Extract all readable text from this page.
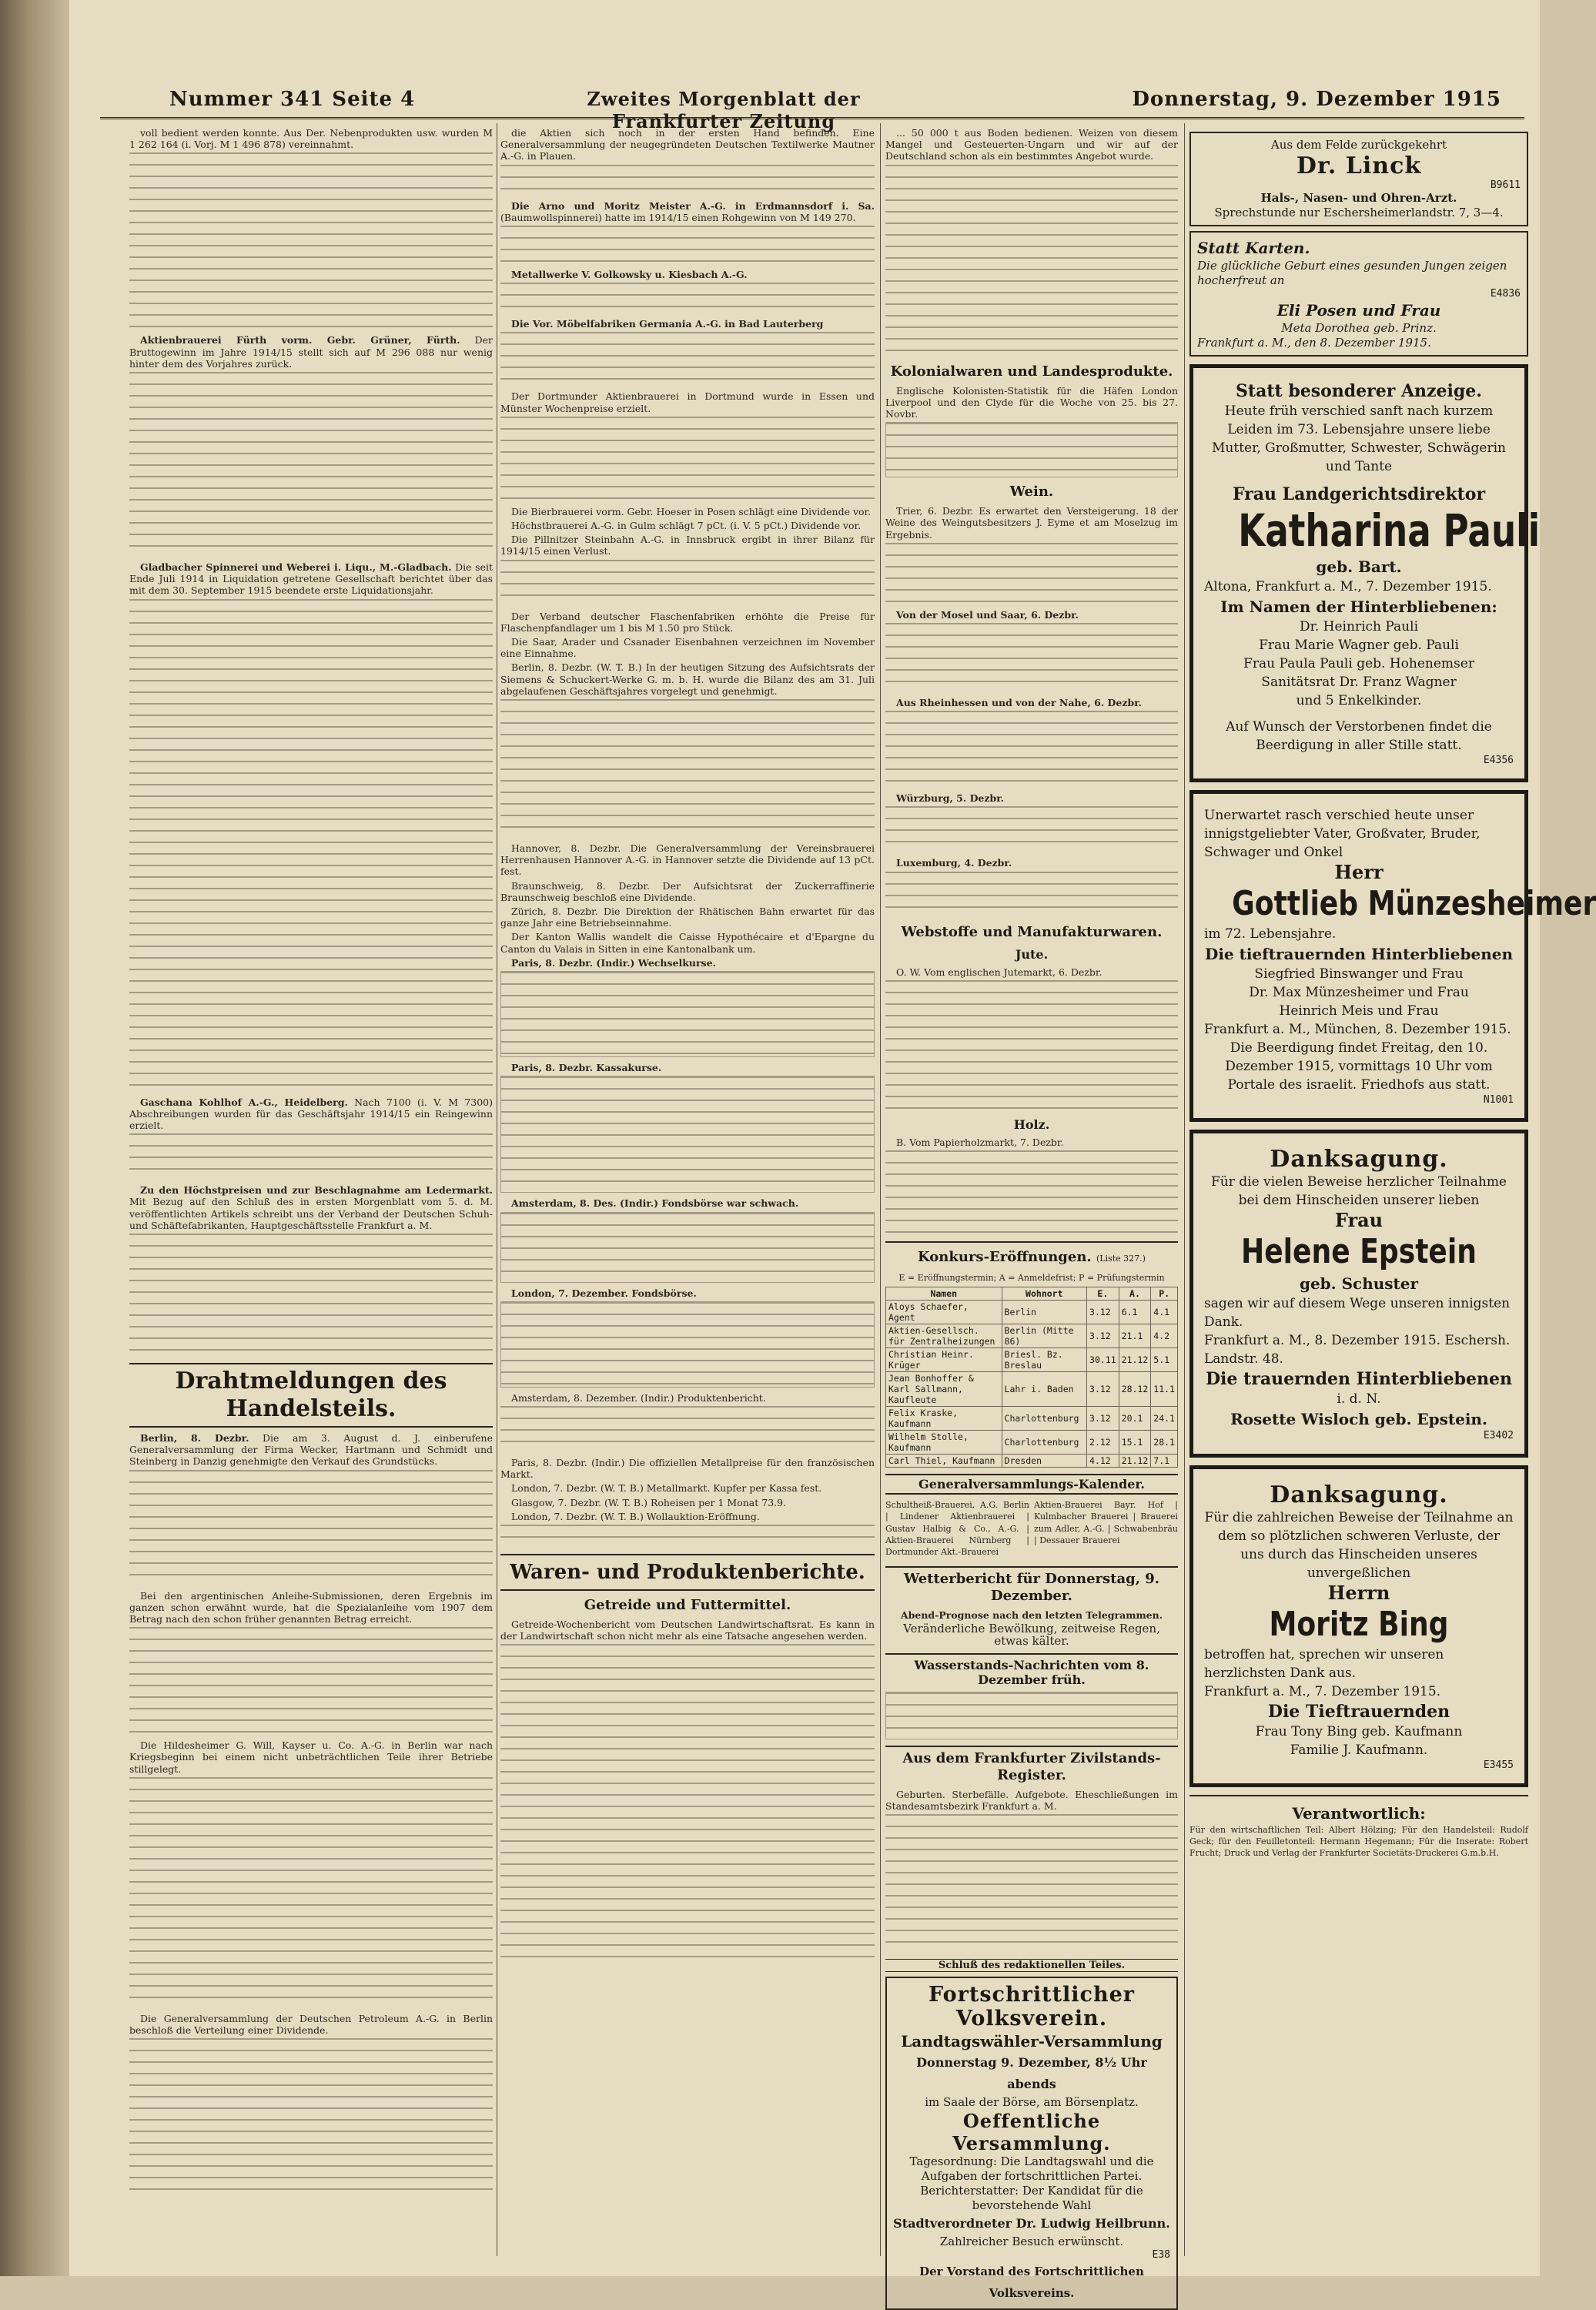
Nummer 341 Seite 4	Zweites Morgenblatt der Frankfurter Zeitung
Donnerstag, 9. Dezember 1915

voll bedient werden konnte. Aus Der. Nebenprodukten usw. wurden M 1 262 164 (i. Vorj. M 1 496 878) vereinnahmt.

Aktienbrauerei Fürth vorm. Gebr. Grüner, Fürth. Der Bruttogewinn im Jahre 1914/15 stellt sich auf M 296 088 nur wenig hinter dem des Vorjahres zurück.

Gladbacher Spinnerei und Weberei i. Liqu., M.-Gladbach. Die seit Ende Juli 1914 in Liquidation getretene Gesellschaft berichtet über das mit dem 30. September 1915 beendete erste Liquidationsjahr.

Gaschana Kohlhof A.-G., Heidelberg. Nach 7100 (i. V. M 7300) Abschreibungen wurden für das Geschäftsjahr 1914/15 ein Reingewinn erzielt.

Zu den Höchstpreisen und zur Beschlagnahme am Ledermarkt. Mit Bezug auf den Schluß des in ersten Morgenblatt vom 5. d. M. veröffentlichten Artikels schreibt uns der Verband der Deutschen Schuh- und Schäftefabrikanten, Hauptgeschäftsstelle Frankfurt a. M.

Drahtmeldungen des Handelsteils.

Berlin, 8. Dezbr. Die am 3. August d. J. einberufene Generalversammlung der Firma Wecker, Hartmann und Schmidt und Steinberg in Danzig genehmigte den Verkauf des Grundstücks.

Bei den argentinischen Anleihe-Submissionen, deren Ergebnis im ganzen schon erwähnt wurde, hat die Spezialanleihe vom 1907 dem Betrag nach den schon früher genannten Betrag erreicht.

Die Hildesheimer G. Will, Kayser u. Co. A.-G. in Berlin war nach Kriegsbeginn bei einem nicht unbeträchtlichen Teile ihrer Betriebe stillgelegt.

Die Generalversammlung der Deutschen Petroleum A.-G. in Berlin beschloß die Verteilung einer Dividende.

die Aktien sich noch in der ersten Hand befinden. Eine Generalversammlung der neugegründeten Deutschen Textilwerke Mautner A.-G. in Plauen.

Die Arno und Moritz Meister A.-G. in Erdmannsdorf i. Sa. (Baumwollspinnerei) hatte im 1914/15 einen Rohgewinn von M 149 270.

Metallwerke V. Golkowsky u. Kiesbach A.-G.

Die Vor. Möbelfabriken Germania A.-G. in Bad Lauterberg

Der Dortmunder Aktienbrauerei in Dortmund wurde in Essen und Münster Wochenpreise erzielt.

Die Bierbrauerei vorm. Gebr. Hoeser in Posen schlägt eine Dividende vor.

Höchstbrauerei A.-G. in Gulm schlägt 7 pCt. (i. V. 5 pCt.) Dividende vor.

Die Pillnitzer Steinbahn A.-G. in Innsbruck ergibt in ihrer Bilanz für 1914/15 einen Verlust.

Der Verband deutscher Flaschenfabriken erhöhte die Preise für Flaschenpfandlager um 1 bis M 1.50 pro Stück.

Die Saar, Arader und Csanader Eisenbahnen verzeichnen im November eine Einnahme.

Berlin, 8. Dezbr. (W. T. B.) In der heutigen Sitzung des Aufsichtsrats der Siemens & Schuckert-Werke G. m. b. H. wurde die Bilanz des am 31. Juli abgelaufenen Geschäftsjahres vorgelegt und genehmigt.

Hannover, 8. Dezbr. Die Generalversammlung der Vereinsbrauerei Herrenhausen Hannover A.-G. in Hannover setzte die Dividende auf 13 pCt. fest.

Braunschweig, 8. Dezbr. Der Aufsichtsrat der Zuckerraffinerie Braunschweig beschloß eine Dividende.

Zürich, 8. Dezbr. Die Direktion der Rhätischen Bahn erwartet für das ganze Jahr eine Betriebseinnahme.

Der Kanton Wallis wandelt die Caisse Hypothécaire et d'Epargne du Canton du Valais in Sitten in eine Kantonalbank um.

Paris, 8. Dezbr. (Indir.) Wechselkurse.

Paris, 8. Dezbr. Kassakurse.

Amsterdam, 8. Des. (Indir.) Fondsbörse war schwach.

London, 7. Dezember. Fondsbörse.

Amsterdam, 8. Dezember. (Indir.) Produktenbericht.

Paris, 8. Dezbr. (Indir.) Die offiziellen Metallpreise für den französischen Markt.

London, 7. Dezbr. (W. T. B.) Metallmarkt. Kupfer per Kassa fest.

Glasgow, 7. Dezbr. (W. T. B.) Roheisen per 1 Monat 73.9.

London, 7. Dezbr. (W. T. B.) Wollauktion-Eröffnung.

Waren- und Produktenberichte.
Getreide und Futtermittel.

Getreide-Wochenbericht vom Deutschen Landwirtschaftsrat. Es kann in der Landwirtschaft schon nicht mehr als eine Tatsache angesehen werden.

... 50 000 t aus Boden bedienen. Weizen von diesem Mangel und Gesteuerten-Ungarn und wir auf der Deutschland schon als ein bestimmtes Angebot wurde.

Kolonialwaren und Landesprodukte.

Englische Kolonisten-Statistik für die Häfen London Liverpool und den Clyde für die Woche von 25. bis 27. Novbr.

Wein.

Trier, 6. Dezbr. Es erwartet den Versteigerung. 18 der Weine des Weingutsbesitzers J. Eyme et am Moselzug im Ergebnis.

Von der Mosel und Saar, 6. Dezbr.

Aus Rheinhessen und von der Nahe, 6. Dezbr.

Würzburg, 5. Dezbr.

Luxemburg, 4. Dezbr.

Webstoffe und Manufakturwaren.
Jute.

O. W. Vom englischen Jutemarkt, 6. Dezbr.

Holz.

B. Vom Papierholzmarkt, 7. Dezbr.

Konkurs-Eröffnungen. (Liste 327.)

E = Eröffnungstermin; A = Anmeldefrist; P = Prüfungstermin

Namen	Wohnort	E.	A.	P.
Aloys Schaefer, Agent	Berlin	3.12	6.1	4.1
Aktien-Gesellsch. für Zentralheizungen	Berlin (Mitte 86)	3.12	21.1	4.2
Christian Heinr. Krüger	Briesl. Bz. Breslau	30.11	21.12	5.1
Jean Bonhoffer & Karl Sallmann, Kaufleute	Lahr i. Baden	3.12	28.12	11.1
Felix Kraske, Kaufmann	Charlottenburg	3.12	20.1	24.1
Wilhelm Stolle, Kaufmann	Charlottenburg	2.12	15.1	28.1
Carl Thiel, Kaufmann	Dresden	4.12	21.12	7.1
Generalversammlungs-Kalender.

Schultheiß-Brauerei, A.G. Berlin | Lindener Aktienbrauerei | Gustav Halbig & Co., A.-G. | Aktien-Brauerei Nürnberg | Dortmunder Akt.-Brauerei

Aktien-Brauerei Bayr. Hof | Kulmbacher Brauerei | Brauerei zum Adler, A.-G. | Schwabenbräu | Dessauer Brauerei

Wetterbericht für Donnerstag, 9. Dezember.

Abend-Prognose nach den letzten Telegrammen.

Veränderliche Bewölkung, zeitweise Regen, etwas kälter.

Wasserstands-Nachrichten vom 8. Dezember früh.
Aus dem Frankfurter Zivilstands-Register.

Geburten. Sterbefälle. Aufgebote. Eheschließungen im Standesamtsbezirk Frankfurt a. M.

Schluß des redaktionellen Teiles.
Fortschrittlicher Volksverein.
Landtagswähler-Versammlung
Donnerstag 9. Dezember, 8½ Uhr abends
im Saale der Börse, am Börsenplatz.
Oeffentliche Versammlung.
Tagesordnung: Die Landtagswahl und die Aufgaben der fortschrittlichen Partei.
Berichterstatter: Der Kandidat für die bevorstehende Wahl
Stadtverordneter Dr. Ludwig Heilbrunn.
Zahlreicher Besuch erwünscht.
E38
Der Vorstand des Fortschrittlichen Volksvereins.
Aus dem Felde zurückgekehrt
Dr. Linck
B9611
Hals-, Nasen- und Ohren-Arzt.
Sprechstunde nur Eschersheimerlandstr. 7, 3—4.
Statt Karten.
Die glückliche Geburt eines gesunden Jungen zeigen hocherfreut an
E4836
Eli Posen und Frau
Meta Dorothea geb. Prinz.
Frankfurt a. M., den 8. Dezember 1915.
Statt besonderer Anzeige.
Heute früh verschied sanft nach kurzem Leiden im 73. Lebensjahre unsere liebe Mutter, Großmutter, Schwester, Schwägerin und Tante
Frau Landgerichtsdirektor
Katharina Pauli
geb. Bart.
Altona, Frankfurt a. M., 7. Dezember 1915.
Im Namen der Hinterbliebenen:
Dr. Heinrich Pauli
Frau Marie Wagner geb. Pauli
Frau Paula Pauli geb. Hohenemser
Sanitätsrat Dr. Franz Wagner
und 5 Enkelkinder.
Auf Wunsch der Verstorbenen findet die Beerdigung in aller Stille statt.
E4356
Unerwartet rasch verschied heute unser innigstgeliebter Vater, Großvater, Bruder, Schwager und Onkel
Herr
Gottlieb Münzesheimer
im 72. Lebensjahre.
Die tieftrauernden Hinterbliebenen
Siegfried Binswanger und Frau
Dr. Max Münzesheimer und Frau
Heinrich Meis und Frau
Frankfurt a. M., München, 8. Dezember 1915.
Die Beerdigung findet Freitag, den 10. Dezember 1915, vormittags 10 Uhr vom Portale des israelit. Friedhofs aus statt.
N1001
Danksagung.
Für die vielen Beweise herzlicher Teilnahme bei dem Hinscheiden unserer lieben
Frau
Helene Epstein
geb. Schuster
sagen wir auf diesem Wege unseren innigsten Dank.
Frankfurt a. M., 8. Dezember 1915. Eschersh. Landstr. 48.
Die trauernden Hinterbliebenen
i. d. N.
Rosette Wisloch geb. Epstein.
E3402
Danksagung.
Für die zahlreichen Beweise der Teilnahme an dem so plötzlichen schweren Verluste, der uns durch das Hinscheiden unseres unvergeßlichen
Herrn
Moritz Bing
betroffen hat, sprechen wir unseren herzlichsten Dank aus.
Frankfurt a. M., 7. Dezember 1915.
Die Tieftrauernden
Frau Tony Bing geb. Kaufmann
Familie J. Kaufmann.
E3455
Verantwortlich:

Für den wirtschaftlichen Teil: Albert Hölzing; Für den Handelsteil: Rudolf Geck; für den Feuilletonteil: Hermann Hegemann; Für die Inserate: Robert Frucht; Druck und Verlag der Frankfurter Societäts-Druckerei G.m.b.H.
